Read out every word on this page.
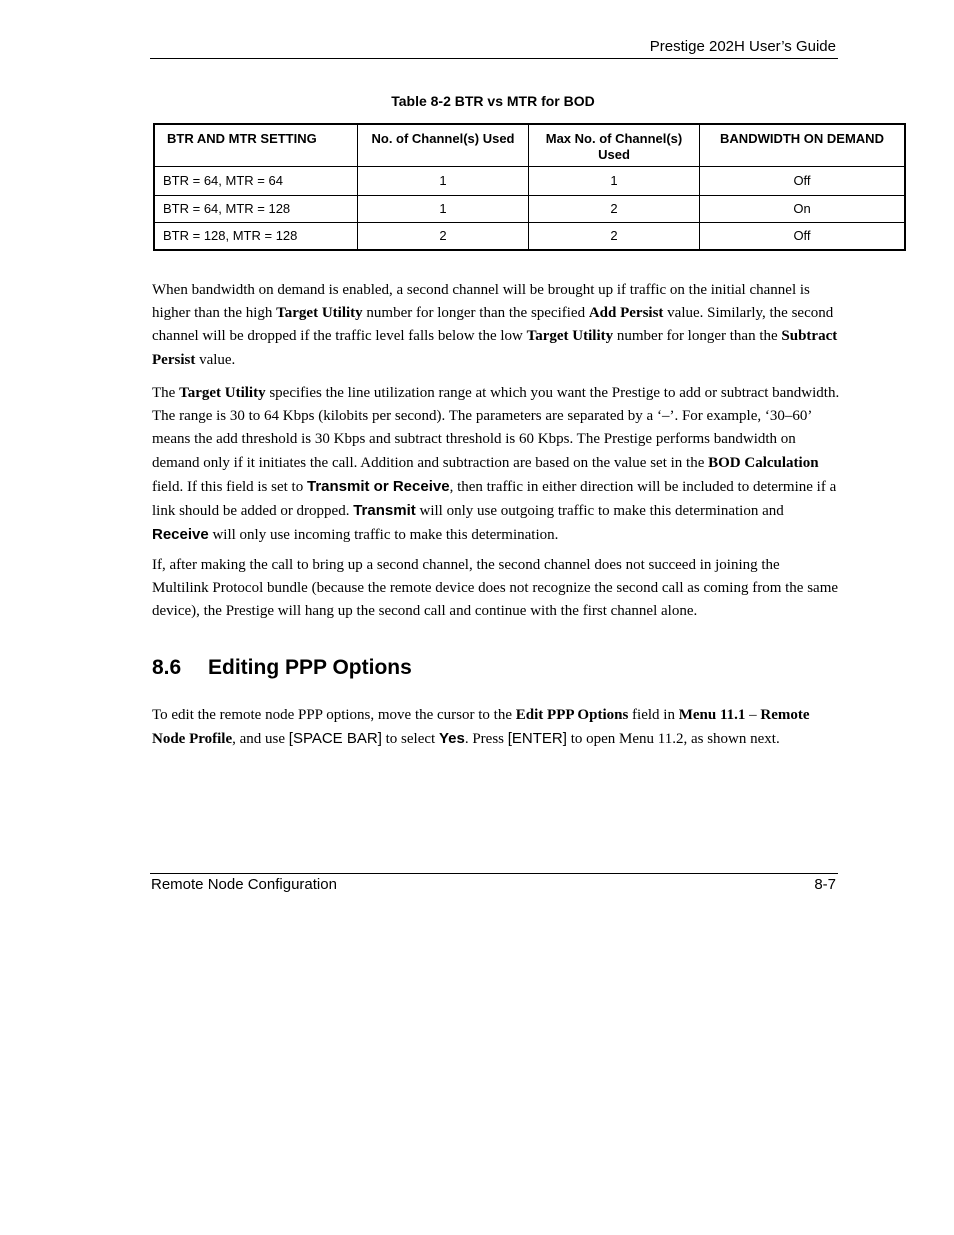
Prestige 202H User’s Guide
Table 8-2 BTR vs MTR for BOD
BTR AND MTR SETTING	No. of Channel(s) Used	Max No. of Channel(s) Used	BANDWIDTH ON DEMAND
BTR = 64, MTR = 64	1	1	Off
BTR = 64, MTR = 128	1	2	On
BTR = 128, MTR = 128	2	2	Off
When bandwidth on demand is enabled, a second channel will be brought up if traffic on the initial channel is higher than the high Target Utility number for longer than the specified Add Persist value. Similarly, the second channel will be dropped if the traffic level falls below the low Target Utility number for longer than the Subtract Persist value.
The Target Utility specifies the line utilization range at which you want the Prestige to add or subtract bandwidth. The range is 30 to 64 Kbps (kilobits per second). The parameters are separated by a ‘–’. For example, ‘30–60’ means the add threshold is 30 Kbps and subtract threshold is 60 Kbps. The Prestige performs bandwidth on demand only if it initiates the call. Addition and subtraction are based on the value set in the BOD Calculation field. If this field is set to Transmit or Receive, then traffic in either direction will be included to determine if a link should be added or dropped. Transmit will only use outgoing traffic to make this determination and Receive will only use incoming traffic to make this determination.
If, after making the call to bring up a second channel, the second channel does not succeed in joining the Multilink Protocol bundle (because the remote device does not recognize the second call as coming from the same device), the Prestige will hang up the second call and continue with the first channel alone.
8.6 Editing PPP Options
To edit the remote node PPP options, move the cursor to the Edit PPP Options field in Menu 11.1 – Remote Node Profile, and use [SPACE BAR] to select Yes. Press [ENTER] to open Menu 11.2, as shown next.
Remote Node Configuration	8-7
